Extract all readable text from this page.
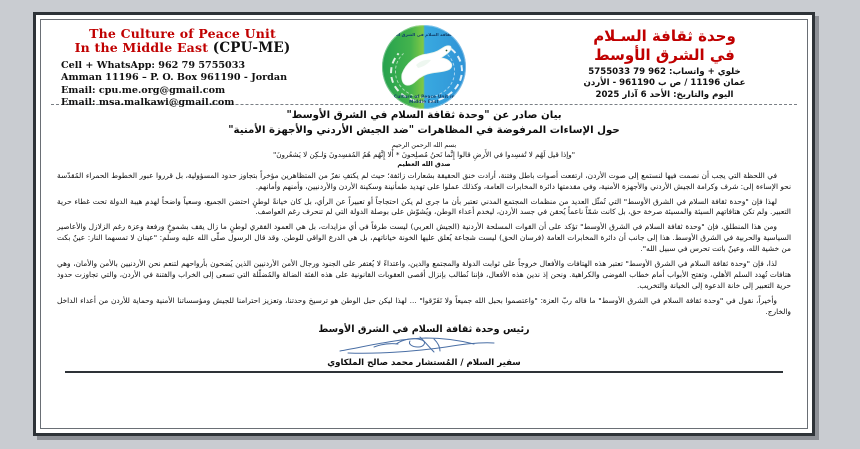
The Culture of Peace Unit
In the Middle East (CPU-ME)
Cell + WhatsApp: 962 79 5755033
Amman 11196 – P. O. Box 961190 - Jordan
Email: cpu.me.org@gmail.com
Email: msa.malkawi@gmail.com
وحدة ثقافة السلام في الشرق الأوسط
The Culture of Peace Unit in the Middle East
وحدة ثقافة السـلام
في الشرق الأوسط
خلوي + واتساب: 962 79 5755033
عمان 11196 / ص ب 961190 - الأردن
اليوم والتاريخ: الأحد 6 آذار 2025
بيان صادر عن "وحدة ثقافة السلام في الشرق الأوسط"
حول الإساءات المرفوضة في المظاهرات "ضد الجيش الأردني والأجهزة الأمنية"
بسم الله الرحمن الرحيم
"وإذا قيل لَهُم لا تُفسِدوا في الأَرضِ قالوا إِنَّما نَحنُ مُصلِحونَ * أَلا إِنَّهُم هُمُ المُفسِدونَ وَلـكِن لا يَشعُرونَ"
صدق الله العظيم

في اللحظة التي يجب أن نصمت فيها لنستمع إلى صوت الأردن، ارتفعت أصوات باطل وفتنة، أرادت خنق الحقيقة بشعارات زائفة؛ حيث لم يكتفِ نفرٌ من المتظاهرين مؤخراً بتجاوز حدود المسؤولية، بل قرروا عبور الخطوط الحمراء المُقدّسة نحو الإساءة إلى: شرف وكرامة الجيش الأردني والأجهزة الأمنية، وفي مقدمتها دائرة المخابرات العامة، وكذلك عملوا على تهديد طمأنينة وسكينة الأردن والأردنيين، وأمنهم وأمانهم.

لهذا فإن "وحدة ثقافة السلام في الشرق الأوسط" التي تُمثّل العديد من منظمات المجتمع المدني تعتبر بأن ما جرى لم يكن احتجاجاً أو تعبيراً عن الرأي، بل كان خيانةً لوطنٍ احتضن الجميع، وسعياً واضحاً لهدم هيبة الدولة تحت غطاء حرية التعبير. ولم تكن هتافاتهم السيئة والمسيئة صرخة حق، بل كانت شمّاً ناعماً يُحقن في جسد الأردن، ليخدم أعداء الوطن، ويُشوّش على بوصلة الدولة التي لم تنحرف رغم العواصف.

ومن هذا المنطلق، فإن "وحدة ثقافة السلام في الشرق الأوسط" تؤكد على أن القوات المسلحة الأردنية (الجيش العربي) ليست طرفاً في أي مزايدات، بل هي العمود الفقري لوطنٍ ما زال يقف بشموخٍ ورفعة وعزة رغم الزلازل والأعاصير السياسية والحربية في الشرق الأوسط. هذا إلى جانب أن دائرة المخابرات العامة (فرسان الحق) ليست شجاعة يُعلق عليها الخونة خياناتهم، بل هي الدرع الواقي للوطن. وقد قال الرسول صلّى الله عليه وسلم: "عينان لا تمسهما النار: عينٌ بكت من خشية الله، وعينٌ باتت تحرس في سبيل الله".

لذا، فإن "وحدة ثقافة السلام في الشرق الأوسط" تعتبر هذه الهتافات والأفعال خروجاً على ثوابت الدولة والمجتمع والدين، واعتداءً لا يُغتفر على الجنود ورجال الأمن الأردنيين الذين يُضحون بأرواحهم لتنعم نحن الأردنيين بالأمن والأمان، وهي هتافات تُهدد السلم الأهلي، وتفتح الأبواب أمام خطاب الفوضى والكراهية. ونحن إذ ندين هذه الأفعال، فإننا نُطالب بإنزال أقصى العقوبات القانونية على هذه الفئة الضالة والمُضلّلة التي تسعى إلى الخراب والفتنة في الأردن، والتي تجاوزت حدود حرية التعبير إلى خانة الدعوة إلى الخيانة والتخريب.

وأخيراً، نقول في "وحدة ثقافة السلام في الشرق الأوسط" ما قاله ربّ العزة: "واعتصموا بحبل الله جميعاً ولا تَفَرّقوا" ... لهذا ليكن حبل الوطن هو ترسيخ وحدتنا، وتعزيز احترامنا للجيش ومؤسساتنا الأمنية وحماية للأردن من أعداء الداخل والخارج.

رئيس وحدة ثقافة السلام في الشرق الأوسط
سفير السلام / المُستشار محمد صالح الملكاوي
